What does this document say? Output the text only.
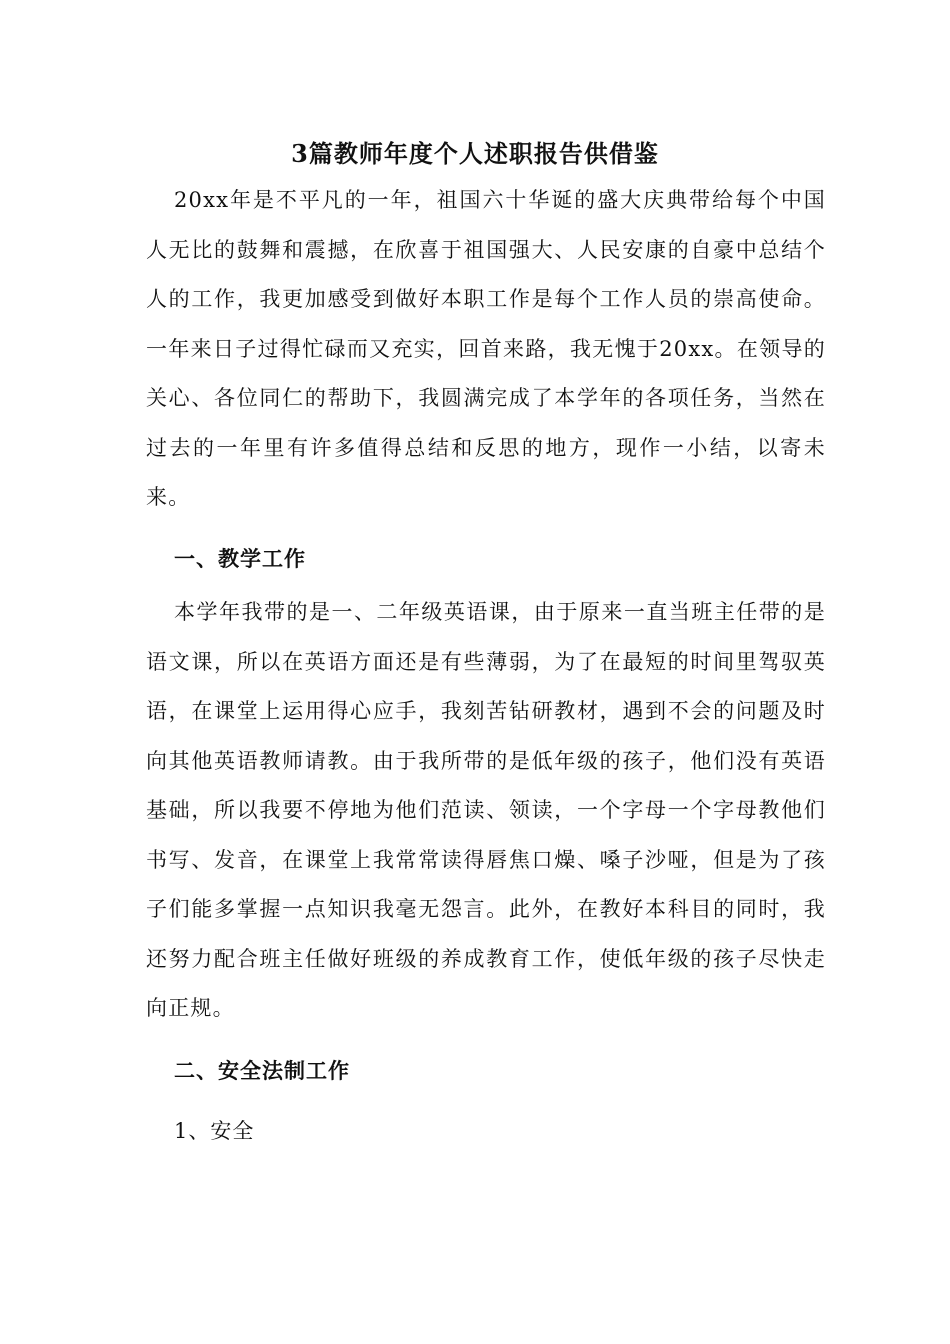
3篇教师年度个人述职报告供借鉴
20xx年是不平凡的一年，祖国六十华诞的盛大庆典带给每个中国人无比的鼓舞和震撼，在欣喜于祖国强大、人民安康的自豪中总结个人的工作，我更加感受到做好本职工作是每个工作人员的崇高使命。一年来日子过得忙碌而又充实，回首来路，我无愧于20xx。在领导的关心、各位同仁的帮助下，我圆满完成了本学年的各项任务，当然在过去的一年里有许多值得总结和反思的地方，现作一小结，以寄未来。
一、教学工作
本学年我带的是一、二年级英语课，由于原来一直当班主任带的是语文课，所以在英语方面还是有些薄弱，为了在最短的时间里驾驭英语，在课堂上运用得心应手，我刻苦钻研教材，遇到不会的问题及时向其他英语教师请教。由于我所带的是低年级的孩子，他们没有英语基础，所以我要不停地为他们范读、领读，一个字母一个字母教他们书写、发音，在课堂上我常常读得唇焦口燥、嗓子沙哑，但是为了孩子们能多掌握一点知识我毫无怨言。此外，在教好本科目的同时，我还努力配合班主任做好班级的养成教育工作，使低年级的孩子尽快走向正规。
二、安全法制工作
1、安全
